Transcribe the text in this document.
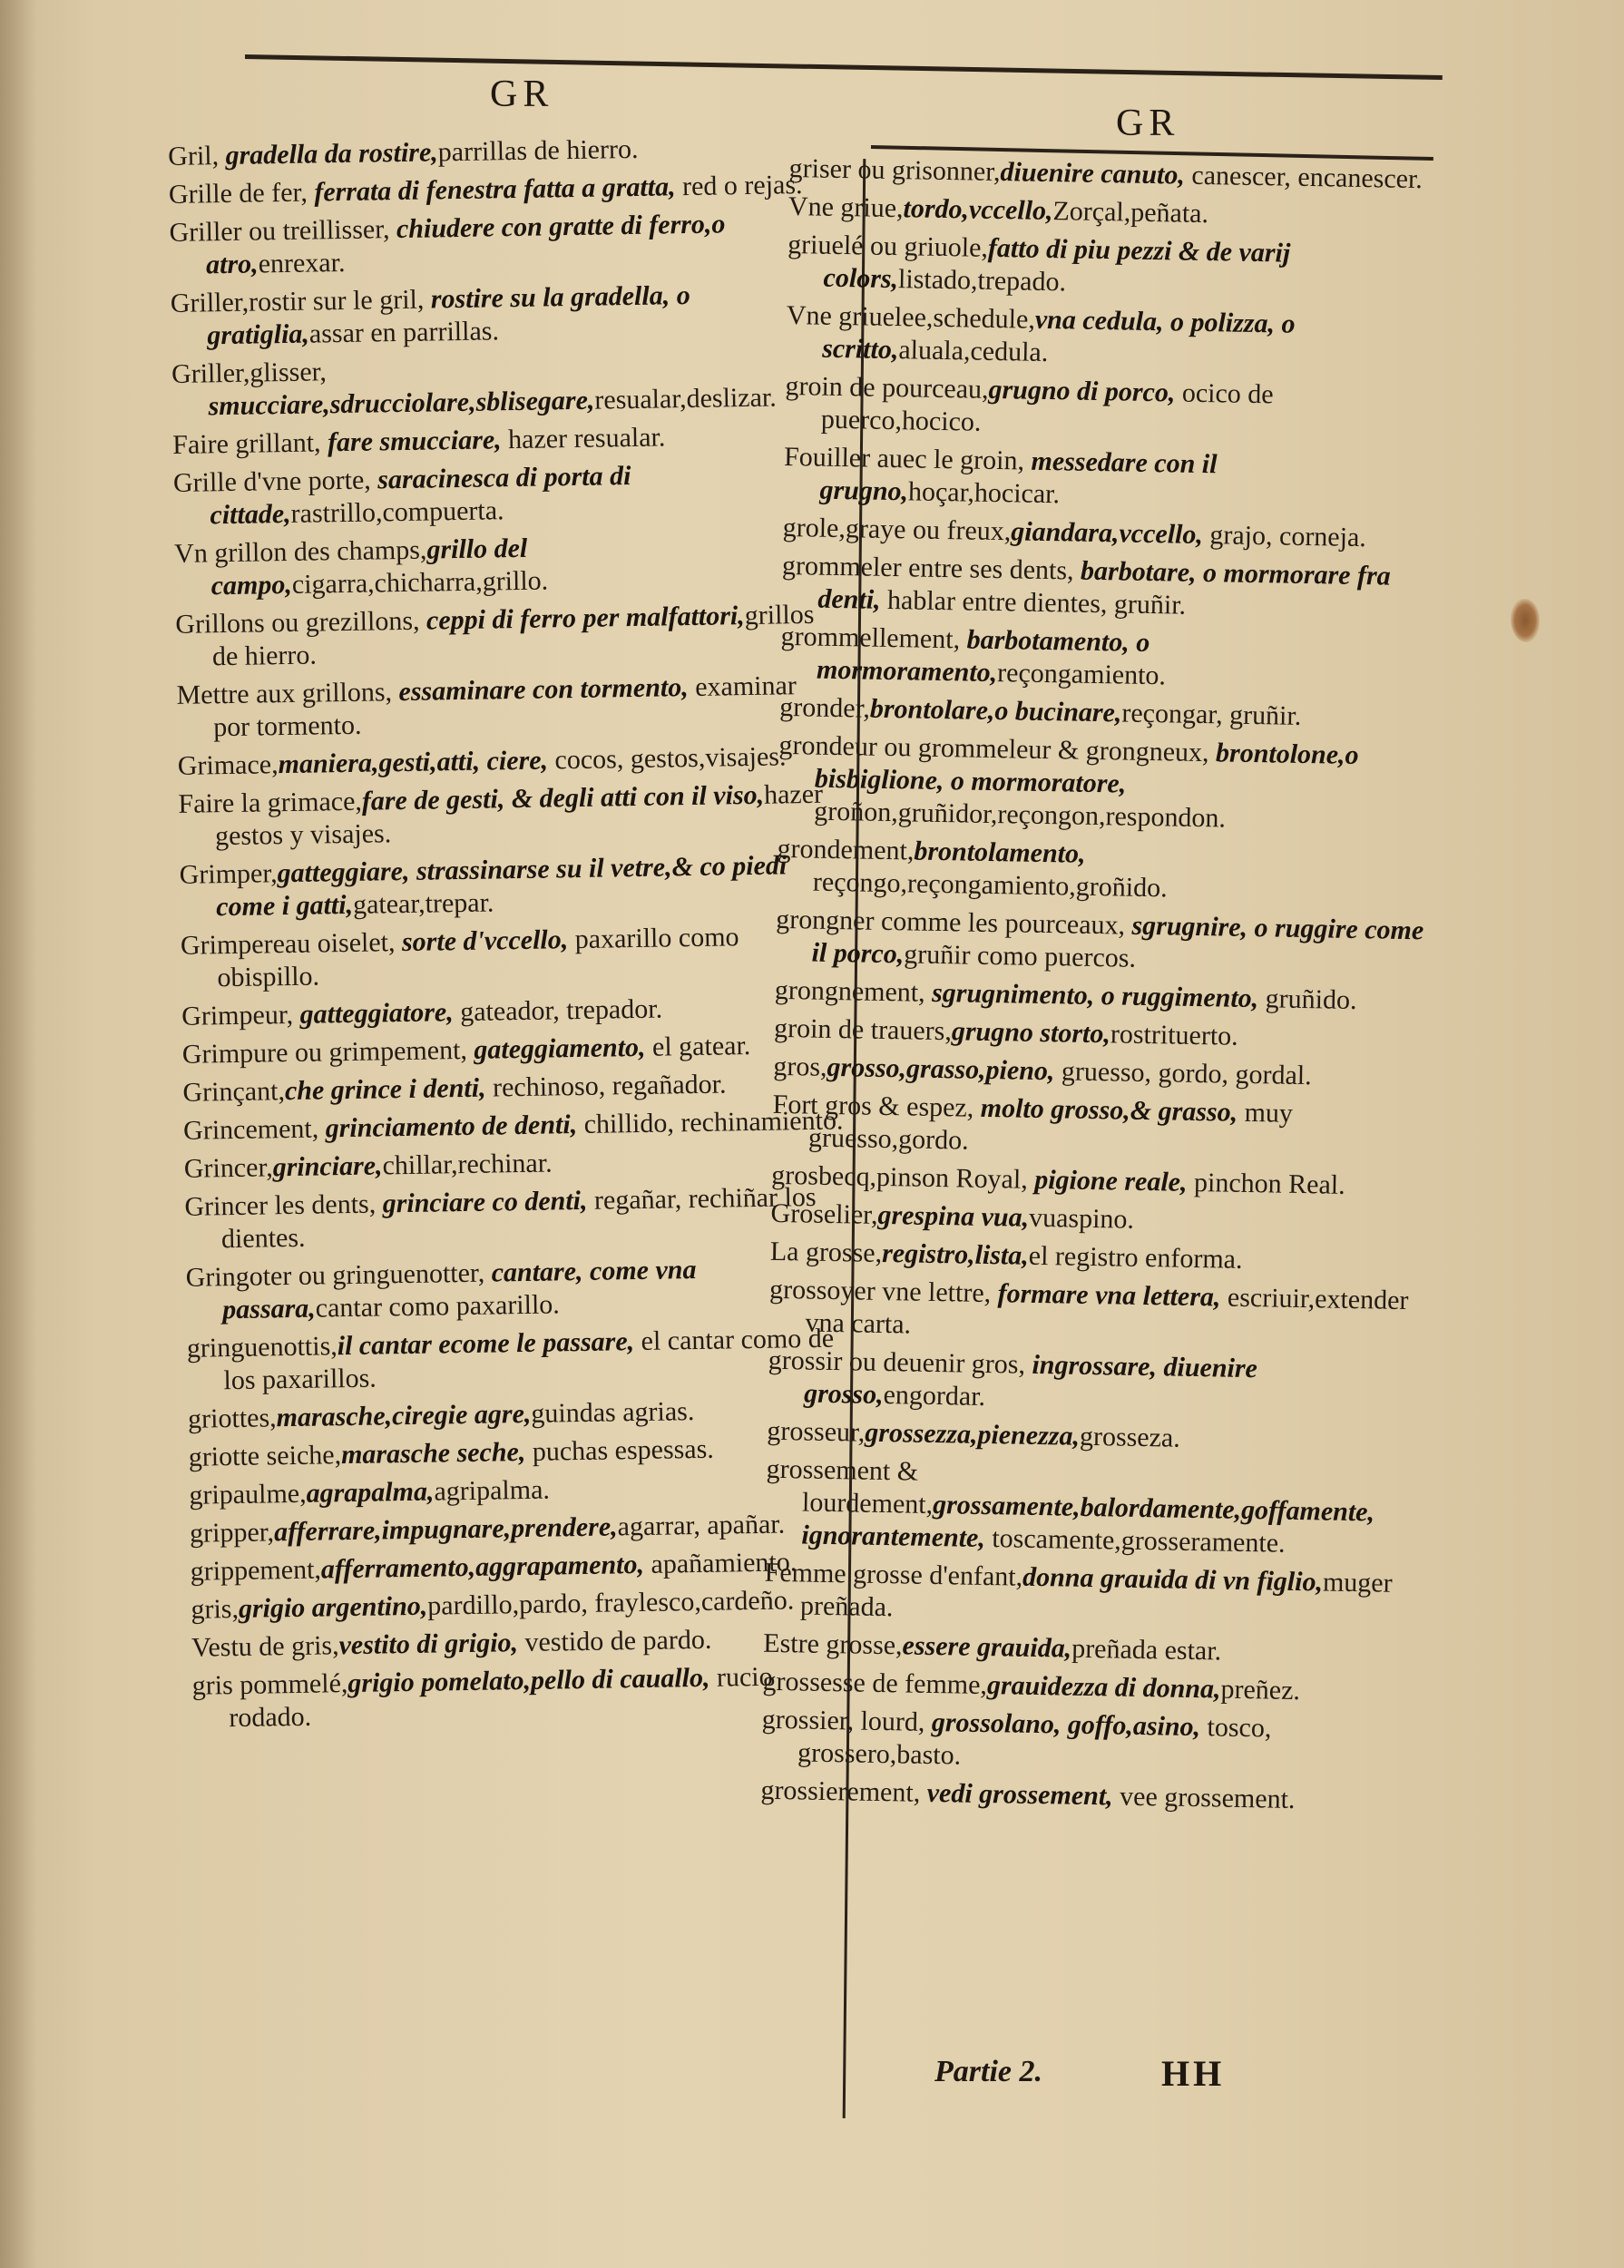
GR
GR
Gril, gradella da rostire,parrillas de hierro.
Grille de fer, ferrata di fenestra fatta a gratta, red o rejas.
Griller ou treillisser, chiudere con gratte di ferro,o atro,enrexar.
Griller,rostir sur le gril, rostire su la gradella, o gratiglia,assar en parrillas.
Griller,glisser, smucciare,sdrucciolare,sblisegare,resualar,deslizar.
Faire grillant, fare smucciare, hazer resualar.
Grille d'vne porte, saracinesca di porta di cittade,rastrillo,compuerta.
Vn grillon des champs,grillo del campo,cigarra,chicharra,grillo.
Grillons ou grezillons, ceppi di ferro per malfattori,grillos de hierro.
Mettre aux grillons, essaminare con tormento, examinar por tormento.
Grimace,maniera,gesti,atti, ciere, cocos, gestos,visajes.
Faire la grimace,fare de gesti, & degli atti con il viso,hazer gestos y visajes.
Grimper,gatteggiare, strassinarse su il vetre,& co piedi come i gatti,gatear,trepar.
Grimpereau oiselet, sorte d'vccello, paxarillo como obispillo.
Grimpeur, gatteggiatore, gateador, trepador.
Grimpure ou grimpement, gateggiamento, el gatear.
Grinçant,che grince i denti, rechinoso, regañador.
Grincement, grinciamento de denti, chillido, rechinamiento.
Grincer,grinciare,chillar,rechinar.
Grincer les dents, grinciare co denti, regañar, rechiñar los dientes.
Gringoter ou gringuenotter, cantare, come vna passara,cantar como paxarillo.
gringuenottis,il cantar ecome le passare, el cantar como de los paxarillos.
griottes,marasche,ciregie agre,guindas agrias.
griotte seiche,marasche seche, puchas espessas.
gripaulme,agrapalma,agripalma.
gripper,afferrare,impugnare,prendere,agarrar, apañar.
grippement,afferramento,aggrapamento, apañamiento.
gris,grigio argentino,pardillo,pardo, fraylesco,cardeño.
Vestu de gris,vestito di grigio, vestido de pardo.
gris pommelé,grigio pomelato,pello di cauallo, rucio rodado.
griser ou grisonner,diuenire canuto, canescer, encanescer.
Vne griue,tordo,vccello,Zorçal,peñata.
griuelé ou griuole,fatto di piu pezzi & de varij colors,listado,trepado.
Vne griuelee,schedule,vna cedula, o polizza, o scritto,aluala,cedula.
groin de pourceau,grugno di porco, ocico de puerco,hocico.
Fouiller auec le groin, messedare con il grugno,hoçar,hocicar.
grole,graye ou freux,giandara,vccello, grajo, corneja.
grommeler entre ses dents, barbotare, o mormorare fra denti, hablar entre dientes, gruñir.
grommellement, barbotamento, o mormoramento,reçongamiento.
gronder,brontolare,o bucinare,reçongar, gruñir.
grondeur ou grommeleur & grongneux, brontolone,o bisbiglione, o mormoratore, groñon,gruñidor,reçongon,respondon.
grondement,brontolamento, reçongo,reçongamiento,groñido.
grongner comme les pourceaux, sgrugnire, o ruggire come il porco,gruñir como puercos.
grongnement, sgrugnimento, o ruggimento, gruñido.
groin de trauers,grugno storto,rostrituerto.
gros,grosso,grasso,pieno, gruesso, gordo, gordal.
Fort gros & espez, molto grosso,& grasso, muy gruesso,gordo.
grosbecq,pinson Royal, pigione reale, pinchon Real.
Groselier,grespina vua,vuaspino.
La grosse,registro,lista,el registro enforma.
grossoyer vne lettre, formare vna lettera, escriuir,extender vna carta.
grossir ou deuenir gros, ingrossare, diuenire grosso,engordar.
grosseur,grossezza,pienezza,grosseza.
grossement & lourdement,grossamente,balordamente,goffamente, ignorantemente, toscamente,grosseramente.
Femme grosse d'enfant,donna grauida di vn figlio,muger preñada.
Estre grosse,essere grauida,preñada estar.
grossesse de femme,grauidezza di donna,preñez.
grossier, lourd, grossolano, goffo,asino, tosco, grossero,basto.
grossierement, vedi grossement, vee grossement.
Partie 2.	HH
